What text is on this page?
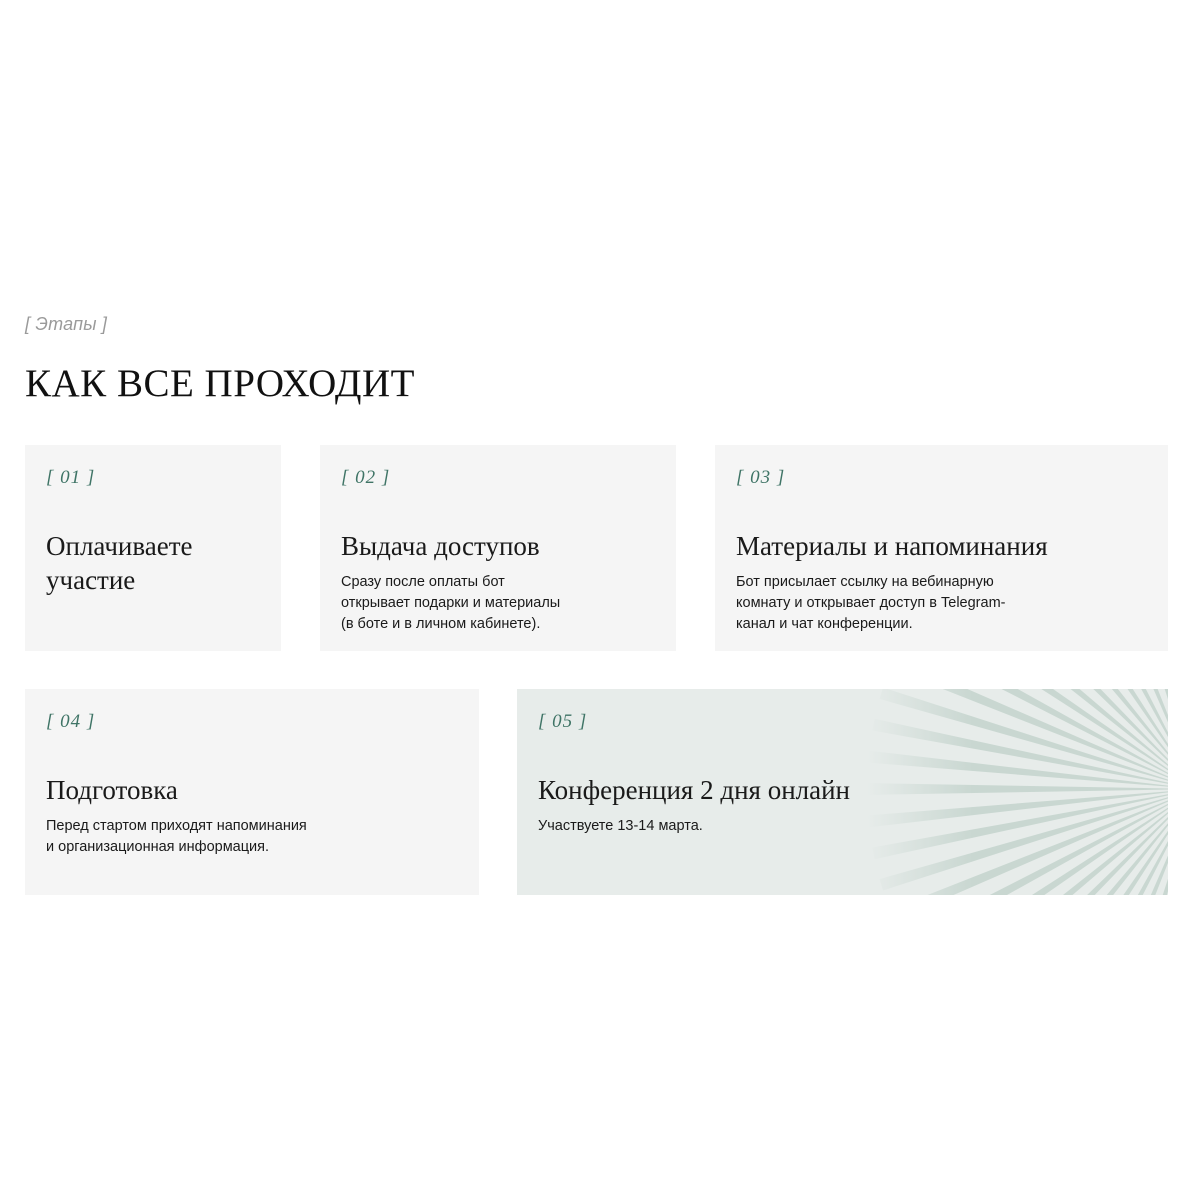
[ Этапы ]
КАК ВСЕ ПРОХОДИТ
[ 01 ]
Оплачиваете участие
[ 02 ]
Выдача доступов
Сразу после оплаты бот
открывает подарки и материалы
(в боте и в личном кабинете).
[ 03 ]
Материалы и напоминания
Бот присылает ссылку на вебинарную
комнату и открывает доступ в Telegram-
канал и чат конференции.
[ 04 ]
Подготовка
Перед стартом приходят напоминания
и организационная информация.
[ 05 ]
Конференция 2 дня онлайн
Участвуете 13-14 марта.
